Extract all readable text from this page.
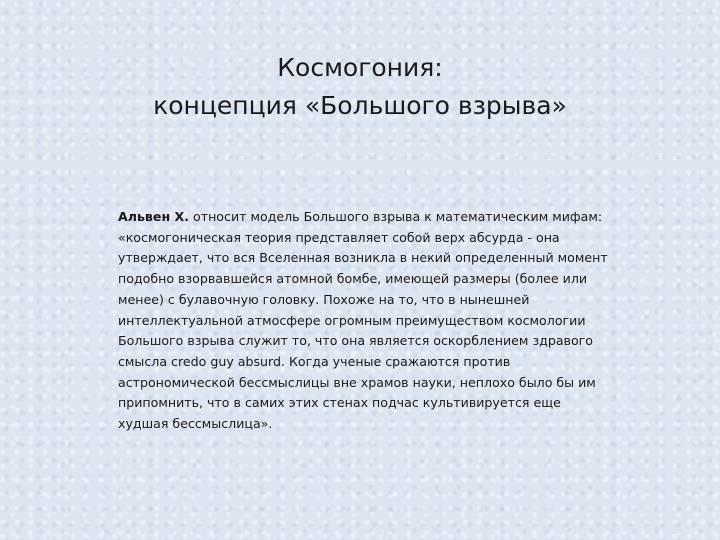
Космогония:
концепция «Большого взрыва»

Альвен Х. относит модель Большого взрыва к математическим мифам: «космогоническая теория представляет собой верх абсурда - она утверждает, что вся Вселенная возникла в некий определенный момент подобно взорвавшейся атомной бомбе, имеющей размеры (более или менее) с булавочную головку. Похоже на то, что в нынешней интеллектуальной атмосфере огромным преимуществом космологии Большого взрыва служит то, что она является оскорблением здравого смысла credo guy absurd. Когда ученые сражаются против астрономической бессмыслицы вне храмов науки, неплохо было бы им припомнить, что в самих этих стенах подчас культивируется еще худшая бессмыслица».
